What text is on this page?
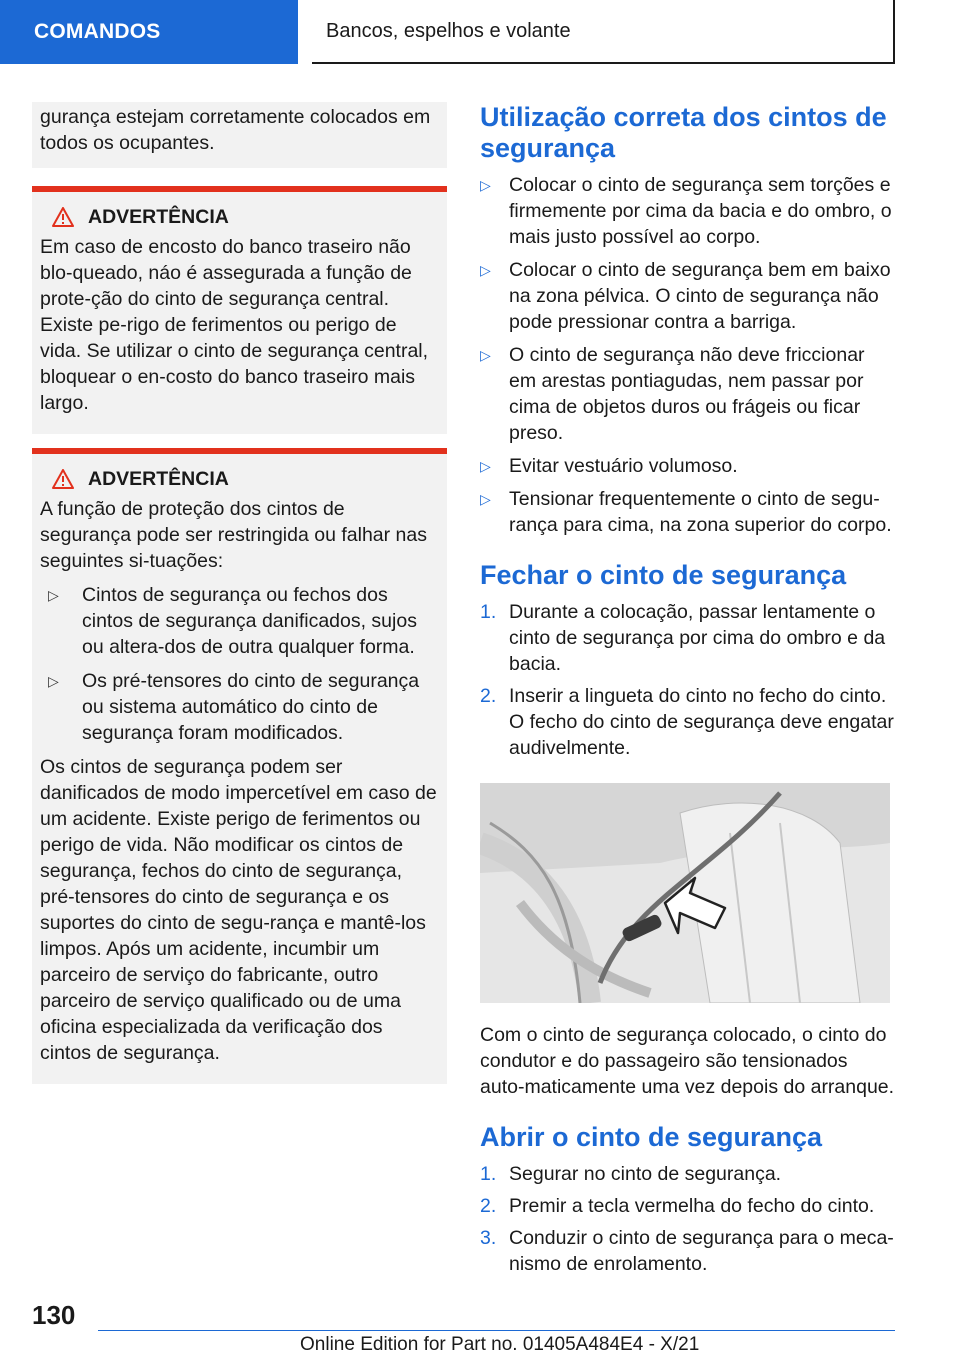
COMANDOS	Bancos, espelhos e volante
gurança estejam corretamente colocados em todos os ocupantes.
ADVERTÊNCIA
Em caso de encosto do banco traseiro não blo-queado, náo é assegurada a função de prote-ção do cinto de segurança central. Existe pe-rigo de ferimentos ou perigo de vida. Se utilizar o cinto de segurança central, bloquear o en-costo do banco traseiro mais largo.
ADVERTÊNCIA
A função de proteção dos cintos de segurança pode ser restringida ou falhar nas seguintes si-tuações:
▷ Cintos de segurança ou fechos dos cintos de segurança danificados, sujos ou altera-dos de outra qualquer forma.
▷ Os pré-tensores do cinto de segurança ou sistema automático do cinto de segurança foram modificados.
Os cintos de segurança podem ser danificados de modo impercetível em caso de um acidente. Existe perigo de ferimentos ou perigo de vida. Não modificar os cintos de segurança, fechos do cinto de segurança, pré-tensores do cinto de segurança e os suportes do cinto de segu-rança e mantê-los limpos. Após um acidente, incumbir um parceiro de serviço do fabricante, outro parceiro de serviço qualificado ou de uma oficina especializada da verificação dos cintos de segurança.
Utilização correta dos cintos de segurança
▷ Colocar o cinto de segurança sem torções e firmemente por cima da bacia e do ombro, o mais justo possível ao corpo.
▷ Colocar o cinto de segurança bem em baixo na zona pélvica. O cinto de segurança não pode pressionar contra a barriga.
▷ O cinto de segurança não deve friccionar em arestas pontiagudas, nem passar por cima de objetos duros ou frágeis ou ficar preso.
▷ Evitar vestuário volumoso.
▷ Tensionar frequentemente o cinto de segu-rança para cima, na zona superior do corpo.
Fechar o cinto de segurança
1. Durante a colocação, passar lentamente o cinto de segurança por cima do ombro e da bacia.
2. Inserir a lingueta do cinto no fecho do cinto. O fecho do cinto de segurança deve engatar audivelmente.
Com o cinto de segurança colocado, o cinto do condutor e do passageiro são tensionados auto-maticamente uma vez depois do arranque.
Abrir o cinto de segurança
1. Segurar no cinto de segurança.
2. Premir a tecla vermelha do fecho do cinto.
3. Conduzir o cinto de segurança para o meca-nismo de enrolamento.
130
Online Edition for Part no. 01405A484E4 - X/21
